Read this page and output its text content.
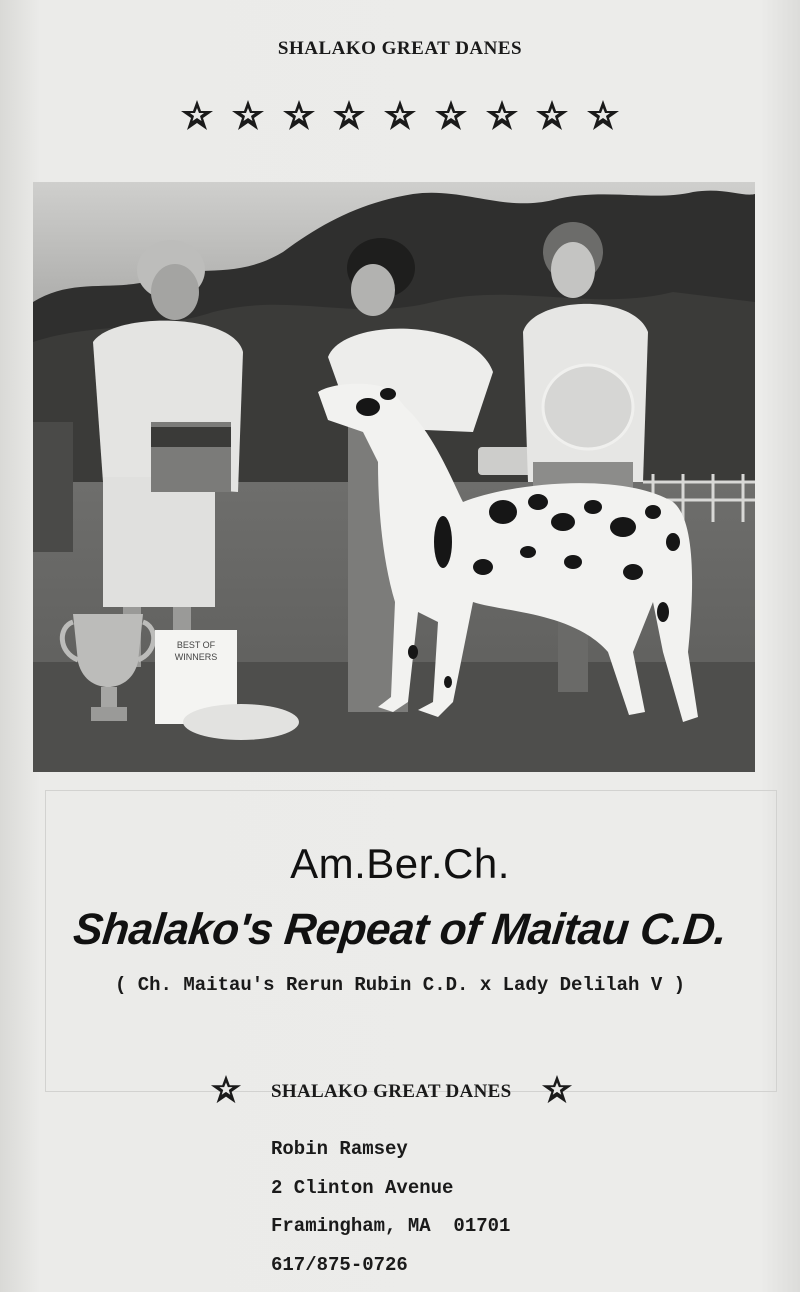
SHALAKO GREAT DANES
BEST OF
WINNERS
Am.Ber.Ch.
Shalako's Repeat of Maitau C.D.
( Ch. Maitau's Rerun Rubin C.D. x Lady Delilah V )
SHALAKO GREAT DANES
Robin Ramsey
2 Clinton Avenue
Framingham, MA  01701
617/875-0726
